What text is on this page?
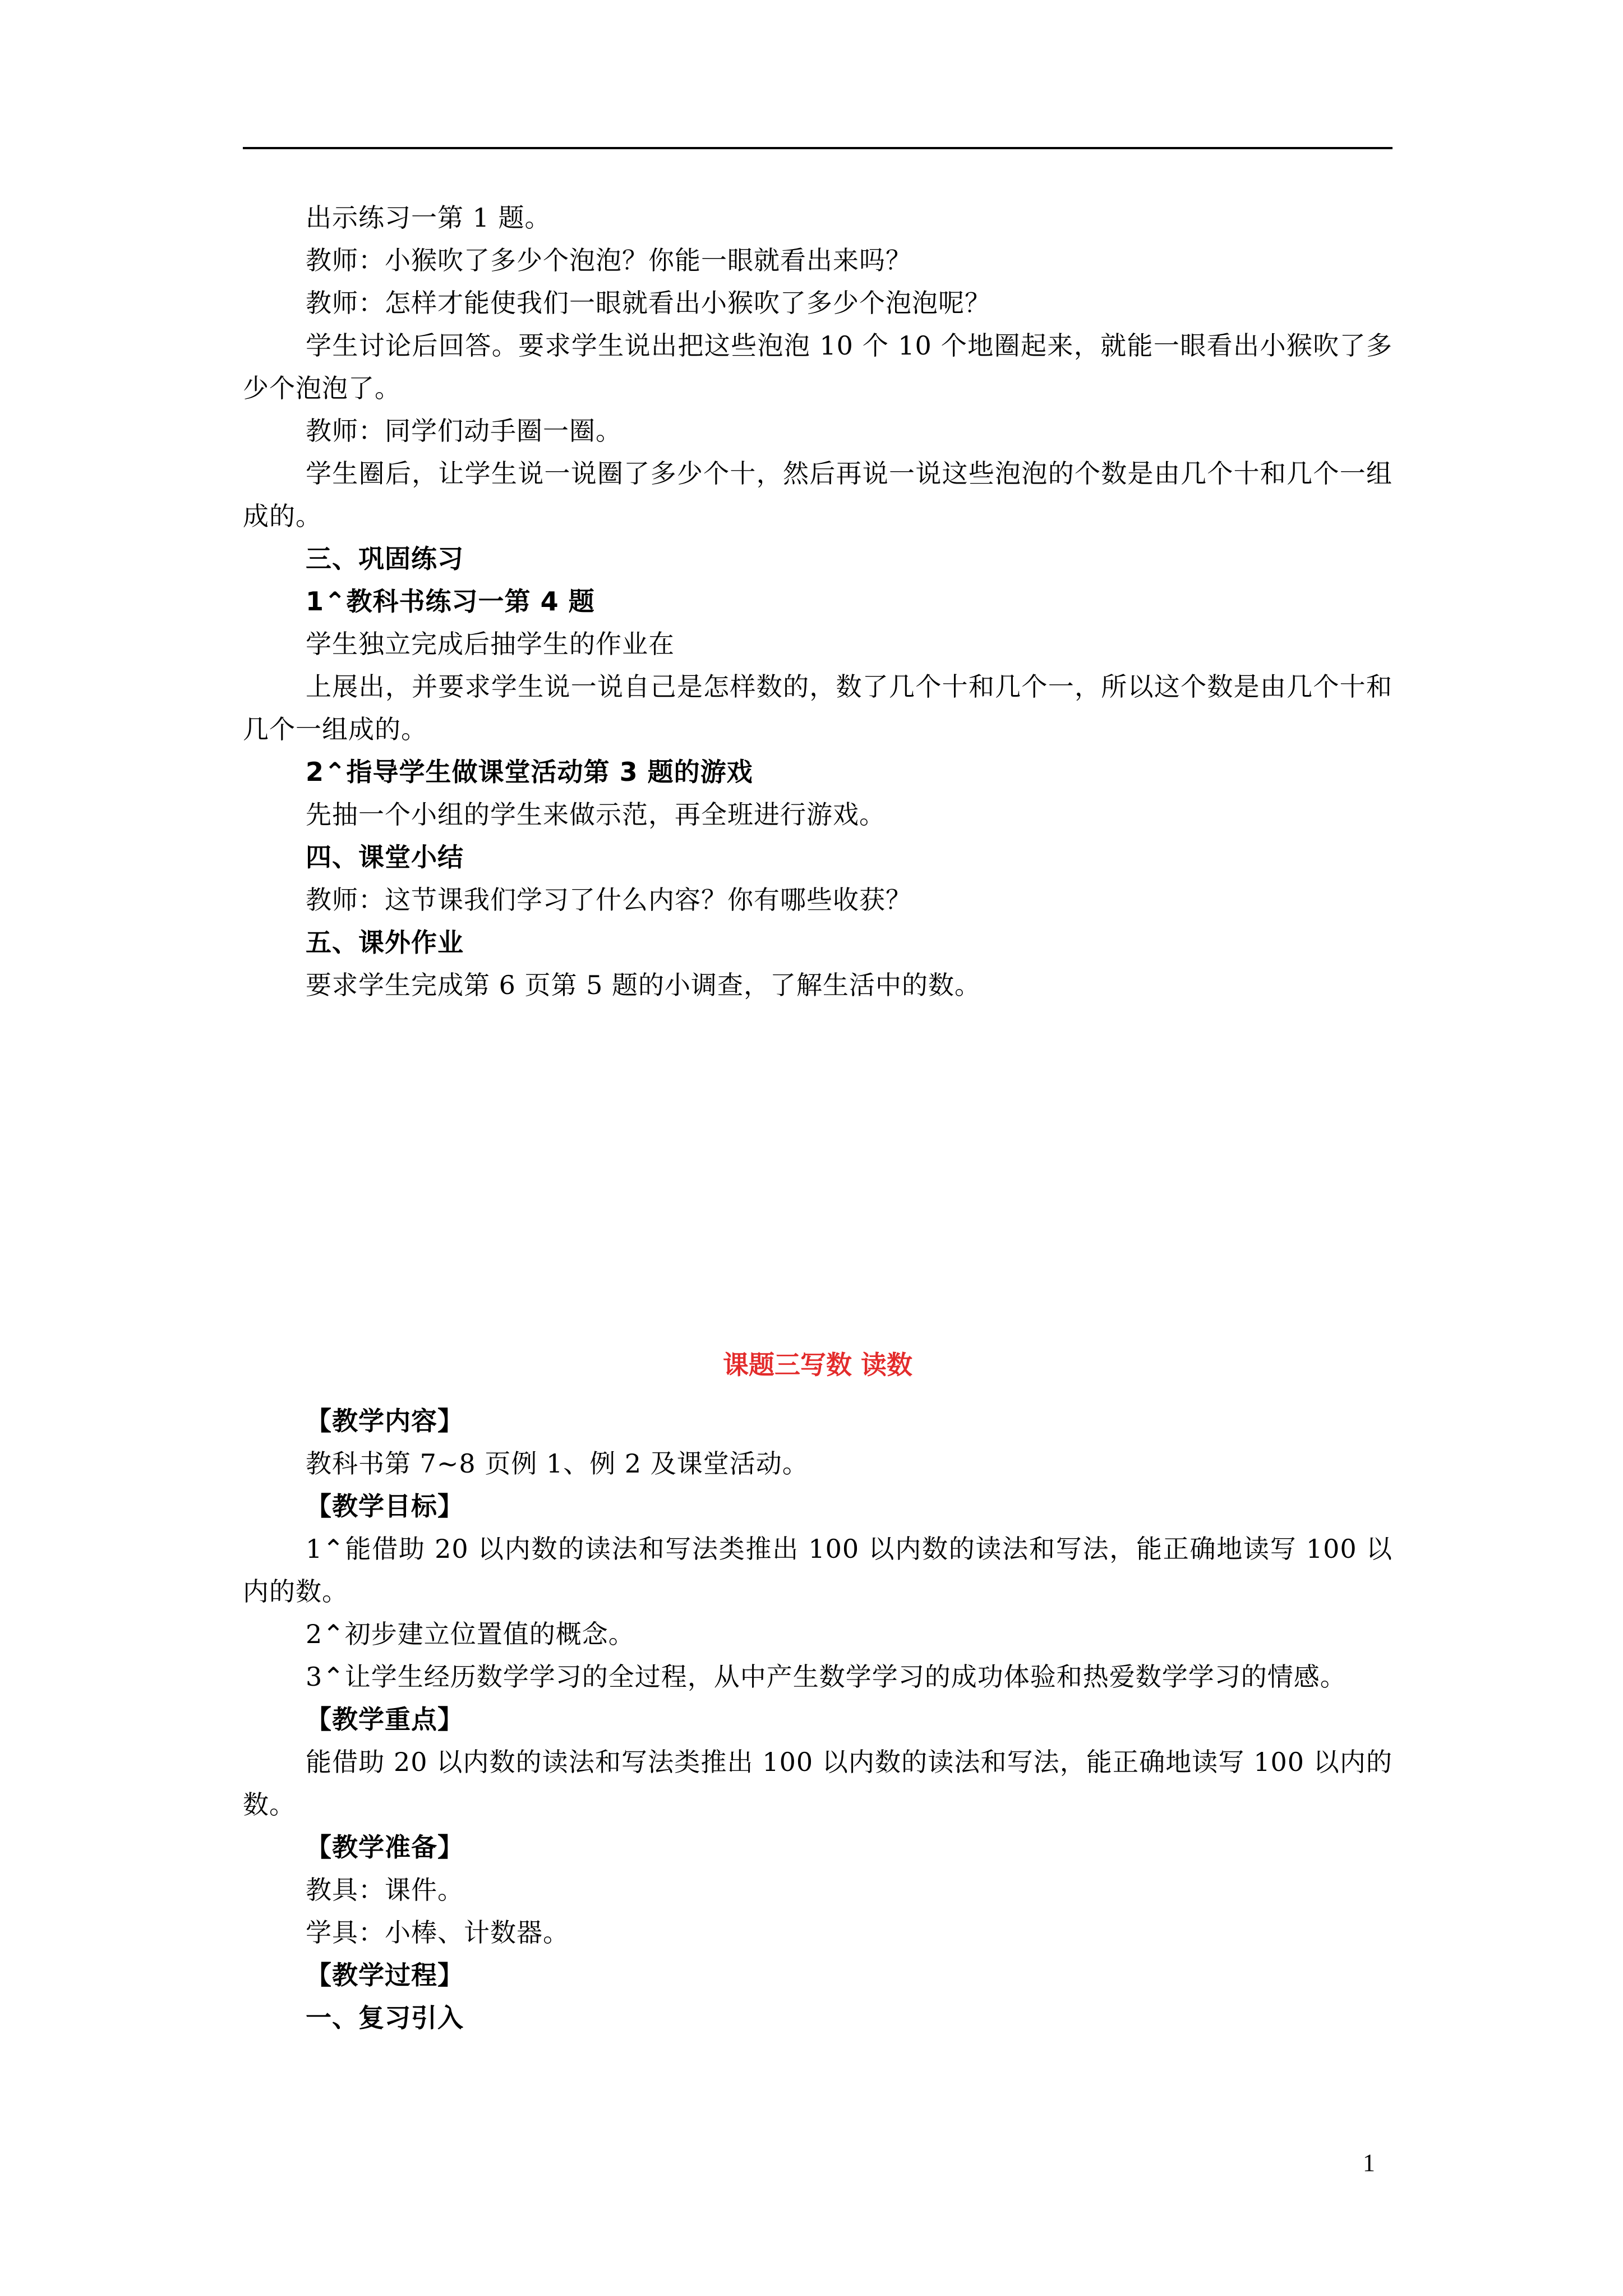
出示练习一第 1 题。

教师：小猴吹了多少个泡泡？你能一眼就看出来吗？

教师：怎样才能使我们一眼就看出小猴吹了多少个泡泡呢？

学生讨论后回答。要求学生说出把这些泡泡 10 个 10 个地圈起来，就能一眼看出小猴吹了多少个泡泡了。

教师：同学们动手圈一圈。

学生圈后，让学生说一说圈了多少个十，然后再说一说这些泡泡的个数是由几个十和几个一组成的。

三、巩固练习

1⌃教科书练习一第 4 题

学生独立完成后抽学生的作业在

上展出，并要求学生说一说自己是怎样数的，数了几个十和几个一，所以这个数是由几个十和几个一组成的。

2⌃指导学生做课堂活动第 3 题的游戏

先抽一个小组的学生来做示范，再全班进行游戏。

四、课堂小结

教师：这节课我们学习了什么内容？你有哪些收获？

五、课外作业

要求学生完成第 6 页第 5 题的小调查，了解生活中的数。

课题三写数 读数

【教学内容】

教科书第 7~8 页例 1、例 2 及课堂活动。

【教学目标】

1⌃能借助 20 以内数的读法和写法类推出 100 以内数的读法和写法，能正确地读写 100 以内的数。

2⌃初步建立位置值的概念。

3⌃让学生经历数学学习的全过程，从中产生数学学习的成功体验和热爱数学学习的情感。

【教学重点】

能借助 20 以内数的读法和写法类推出 100 以内数的读法和写法，能正确地读写 100 以内的数。

【教学准备】

教具：课件。

学具：小棒、计数器。

【教学过程】

一、复习引入

1
